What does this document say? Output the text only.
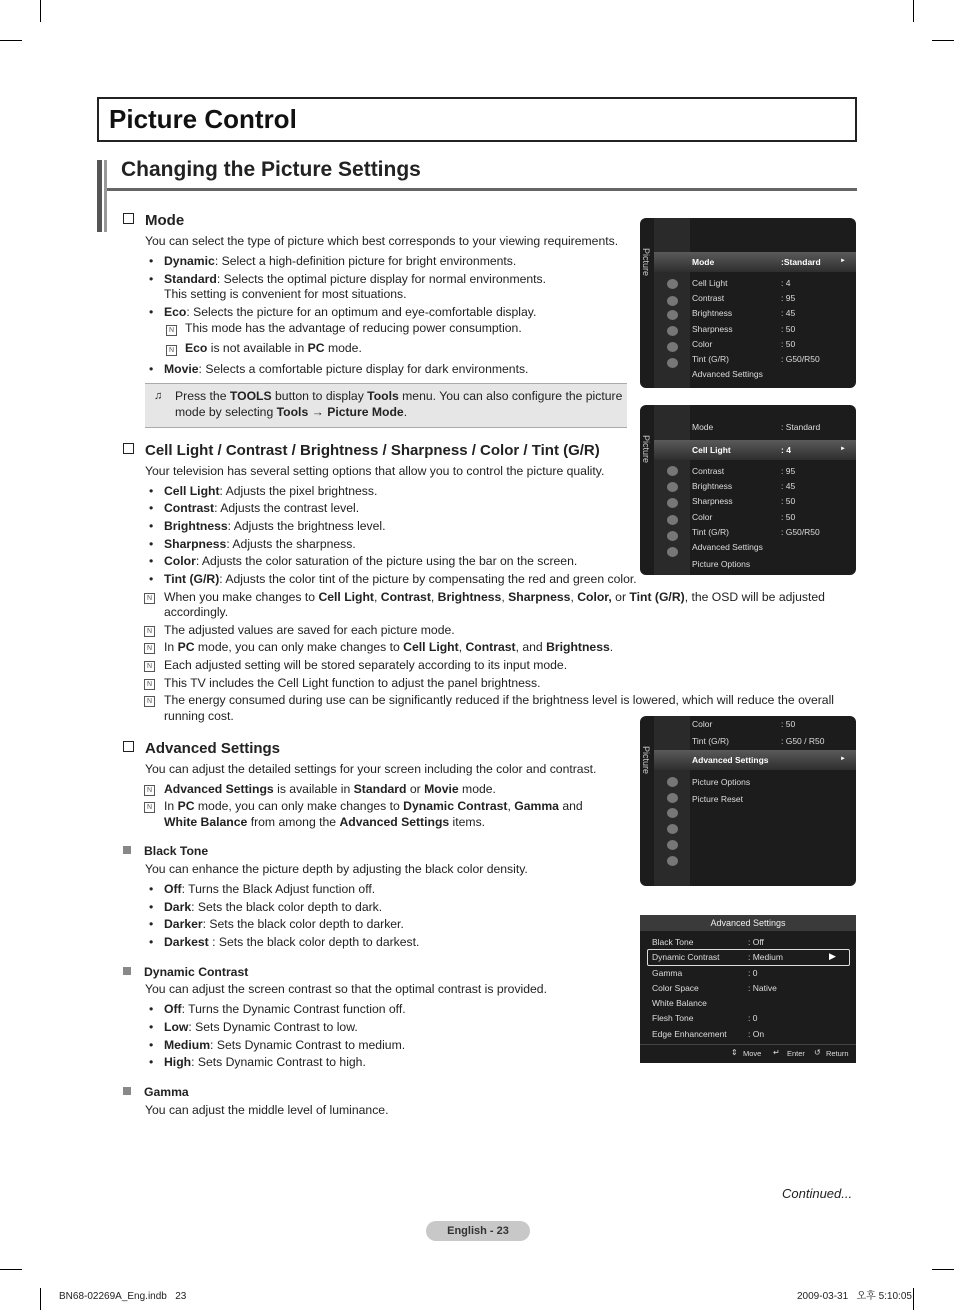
Picture Control
Changing the Picture Settings
Mode
You can select the type of picture which best corresponds to your viewing requirements.
• Dynamic: Select a high-definition picture for bright environments.
• Standard: Selects the optimal picture display for normal environments.
This setting is convenient for most situations.
• Eco: Selects the picture for an optimum and eye-comfortable display.
N This mode has the advantage of reducing power consumption.
N Eco is not available in PC mode.
• Movie: Selects a comfortable picture display for dark environments.
♫ Press the TOOLS button to display Tools menu. You can also configure the picture
mode by selecting Tools → Picture Mode.
Cell Light / Contrast / Brightness / Sharpness / Color / Tint (G/R)
Your television has several setting options that allow you to control the picture quality.
• Cell Light: Adjusts the pixel brightness.
• Contrast: Adjusts the contrast level.
• Brightness: Adjusts the brightness level.
• Sharpness: Adjusts the sharpness.
• Color: Adjusts the color saturation of the picture using the bar on the screen.
• Tint (G/R): Adjusts the color tint of the picture by compensating the red and green color.
N When you make changes to Cell Light, Contrast, Brightness, Sharpness, Color, or Tint (G/R), the OSD will be adjusted
accordingly.
N The adjusted values are saved for each picture mode.
N In PC mode, you can only make changes to Cell Light, Contrast, and Brightness.
N Each adjusted setting will be stored separately according to its input mode.
N This TV includes the Cell Light function to adjust the panel brightness.
N The energy consumed during use can be significantly reduced if the brightness level is lowered, which will reduce the overall
running cost.
Advanced Settings
You can adjust the detailed settings for your screen including the color and contrast.
N Advanced Settings is available in Standard or Movie mode.
N In PC mode, you can only make changes to Dynamic Contrast, Gamma and
White Balance from among the Advanced Settings items.
Black Tone
You can enhance the picture depth by adjusting the black color density.
• Off: Turns the Black Adjust function off.
• Dark: Sets the black color depth to dark.
• Darker: Sets the black color depth to darker.
• Darkest : Sets the black color depth to darkest.
Dynamic Contrast
You can adjust the screen contrast so that the optimal contrast is provided.
• Off: Turns the Dynamic Contrast function off.
• Low: Sets Dynamic Contrast to low.
• Medium: Sets Dynamic Contrast to medium.
• High: Sets Dynamic Contrast to high.
Gamma
You can adjust the middle level of luminance.
Picture	Mode	:Standard	►
Cell Light	: 4
Contrast	: 95
Brightness	: 45
Sharpness	: 50
Color	: 50
Tint (G/R)	: G50/R50
Advanced Settings
Picture
Mode	: Standard
Cell Light	: 4	►
Contrast	: 95
Brightness	: 45
Sharpness	: 50
Color	: 50
Tint (G/R)	: G50/R50
Advanced Settings
Picture Options
Picture
Color	: 50
Tint (G/R)	: G50 / R50
Advanced Settings	►
Picture Options
Picture Reset
Advanced Settings
Black Tone	: Off
Dynamic Contrast	: Medium	▶
Gamma	: 0
Color Space	: Native
White Balance
Flesh Tone	: 0
Edge Enhancement	: On
⇕ Move ↵ Enter ↺ Return
Continued...
English - 23
BN68-02269A_Eng.indb   23	2009-03-31   오후 5:10:05
